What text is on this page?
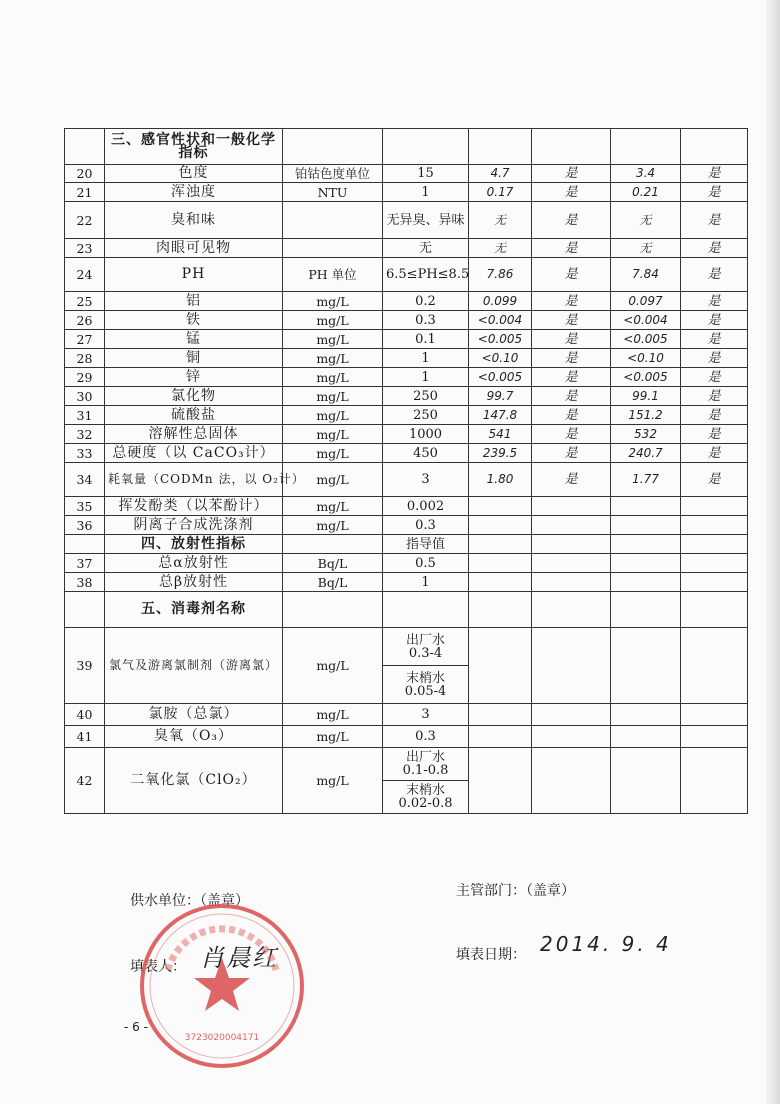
	三、感官性状和一般化学指标						
20	色度	铂钴色度单位	15	4.7	是	3.4	是
21	浑浊度	NTU	1	0.17	是	0.21	是
22	臭和味		无异臭、异味	无	是	无	是
23	肉眼可见物		无	无	是	无	是
24	PH	PH 单位	6.5≤PH≤8.5	7.86	是	7.84	是
25	铝	mg/L	0.2	0.099	是	0.097	是
26	铁	mg/L	0.3	<0.004	是	<0.004	是
27	锰	mg/L	0.1	<0.005	是	<0.005	是
28	铜	mg/L	1	<0.10	是	<0.10	是
29	锌	mg/L	1	<0.005	是	<0.005	是
30	氯化物	mg/L	250	99.7	是	99.1	是
31	硫酸盐	mg/L	250	147.8	是	151.2	是
32	溶解性总固体	mg/L	1000	541	是	532	是
33	总硬度（以 CaCO₃计）	mg/L	450	239.5	是	240.7	是
34	耗氧量（CODMn 法，以 O₂计）	mg/L	3	1.80	是	1.77	是
35	挥发酚类（以苯酚计）	mg/L	0.002				
36	阴离子合成洗涤剂	mg/L	0.3				
	四、放射性指标		指导值				
37	总α放射性	Bq/L	0.5				
38	总β放射性	Bq/L	1				
	五、消毒剂名称						
39	氯气及游离氯制剂（游离氯）	mg/L	出厂水
0.3-4				

			末梢水
0.05-4				

40	氯胺（总氯）	mg/L	3				
41	臭氧（O₃）	mg/L	0.3				
42	二氧化氯（ClO₂）	mg/L	出厂水
0.1-0.8				

			末梢水
0.02-0.8				
供水单位：（盖章）
主管部门：（盖章）
填表人： 肖晨红	填表日期： 2014. 9. 4
- 6 -
3723020004171
